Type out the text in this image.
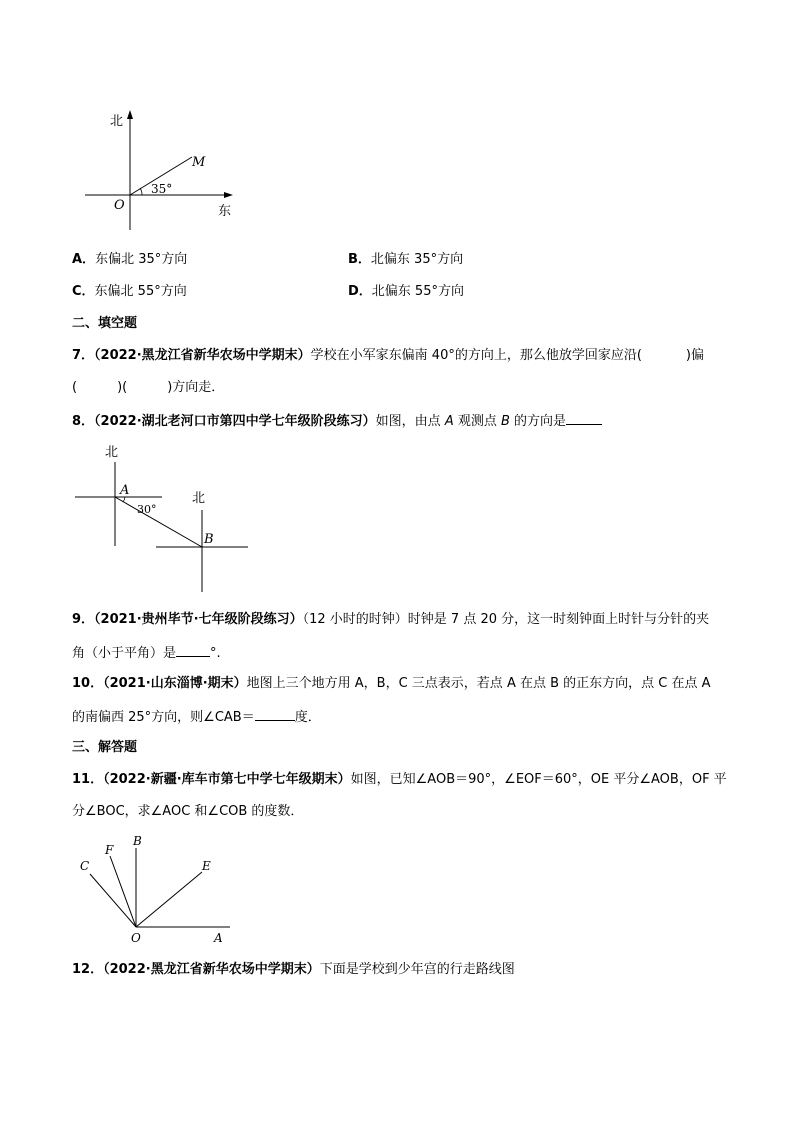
北
东
O
M
35°
A．东偏北 35°方向	B．北偏东 35°方向
C．东偏北 55°方向	D．北偏东 55°方向
二、填空题
7．（2022·黑龙江省新华农场中学期末）学校在小军家东偏南 40°的方向上，那么他放学回家应沿(	)偏
(	)(	)方向走．
8．（2022·湖北老河口市第四中学七年级阶段练习）如图，由点 A 观测点 B 的方向是
北
北
A
B
30°
9．（2021·贵州毕节·七年级阶段练习）（12 小时的时钟）时钟是 7 点 20 分，这一时刻钟面上时针与分针的夹
角（小于平角）是	°.
10．（2021·山东淄博·期末）地图上三个地方用 A，B，C 三点表示，若点 A 在点 B 的正东方向，点 C 在点 A
的南偏西 25°方向，则∠CAB＝	度．
三、解答题
11．（2022·新疆·库车市第七中学七年级期末）如图，已知∠AOB＝90°，∠EOF＝60°，OE 平分∠AOB，OF 平
分∠BOC，求∠AOC 和∠COB 的度数．
B
F
C	E
O	A
12．（2022·黑龙江省新华农场中学期末）下面是学校到少年宫的行走路线图
